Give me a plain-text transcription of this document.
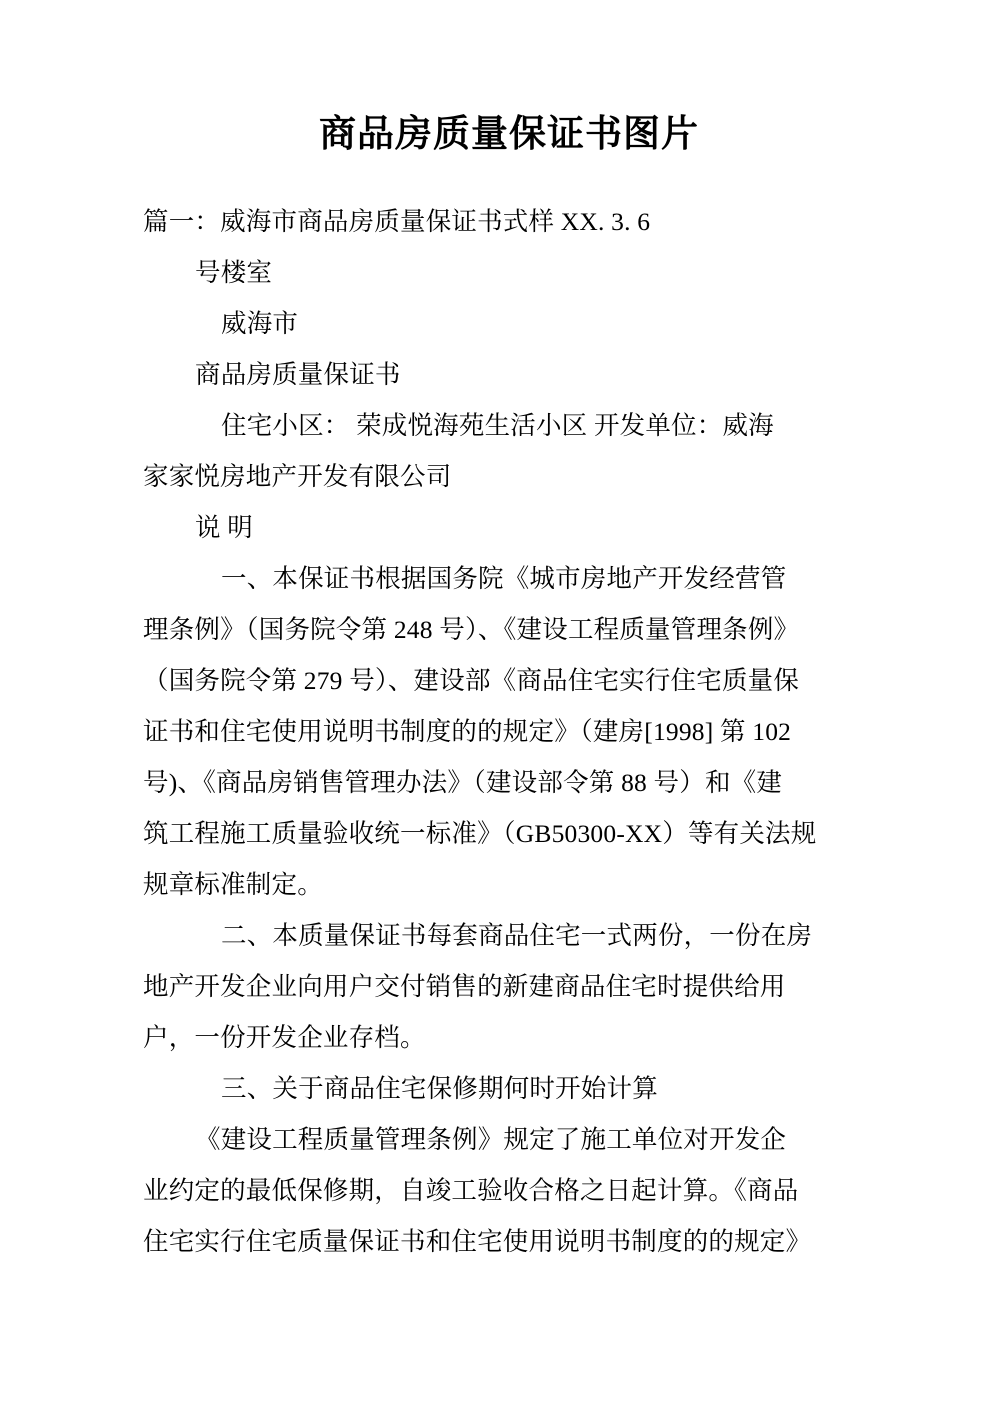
商品房质量保证书图片

篇一：威海市商品房质量保证书式样 XX. 3. 6

号楼室

威海市

商品房质量保证书

住宅小区： 荣成悦海苑生活小区 开发单位：威海

家家悦房地产开发有限公司

说 明

一、本保证书根据国务院《城市房地产开发经营管

理条例》（国务院令第 248 号）、《建设工程质量管理条例》

（国务院令第 279 号）、建设部《商品住宅实行住宅质量保

证书和住宅使用说明书制度的的规定》（建房[1998] 第 102

号)、《商品房销售管理办法》（建设部令第 88 号）和《建

筑工程施工质量验收统一标准》（GB50300-XX）等有关法规

规章标准制定。

二、本质量保证书每套商品住宅一式两份，一份在房

地产开发企业向用户交付销售的新建商品住宅时提供给用

户，一份开发企业存档。

三、关于商品住宅保修期何时开始计算

《建设工程质量管理条例》规定了施工单位对开发企

业约定的最低保修期，自竣工验收合格之日起计算。《商品

住宅实行住宅质量保证书和住宅使用说明书制度的的规定》
